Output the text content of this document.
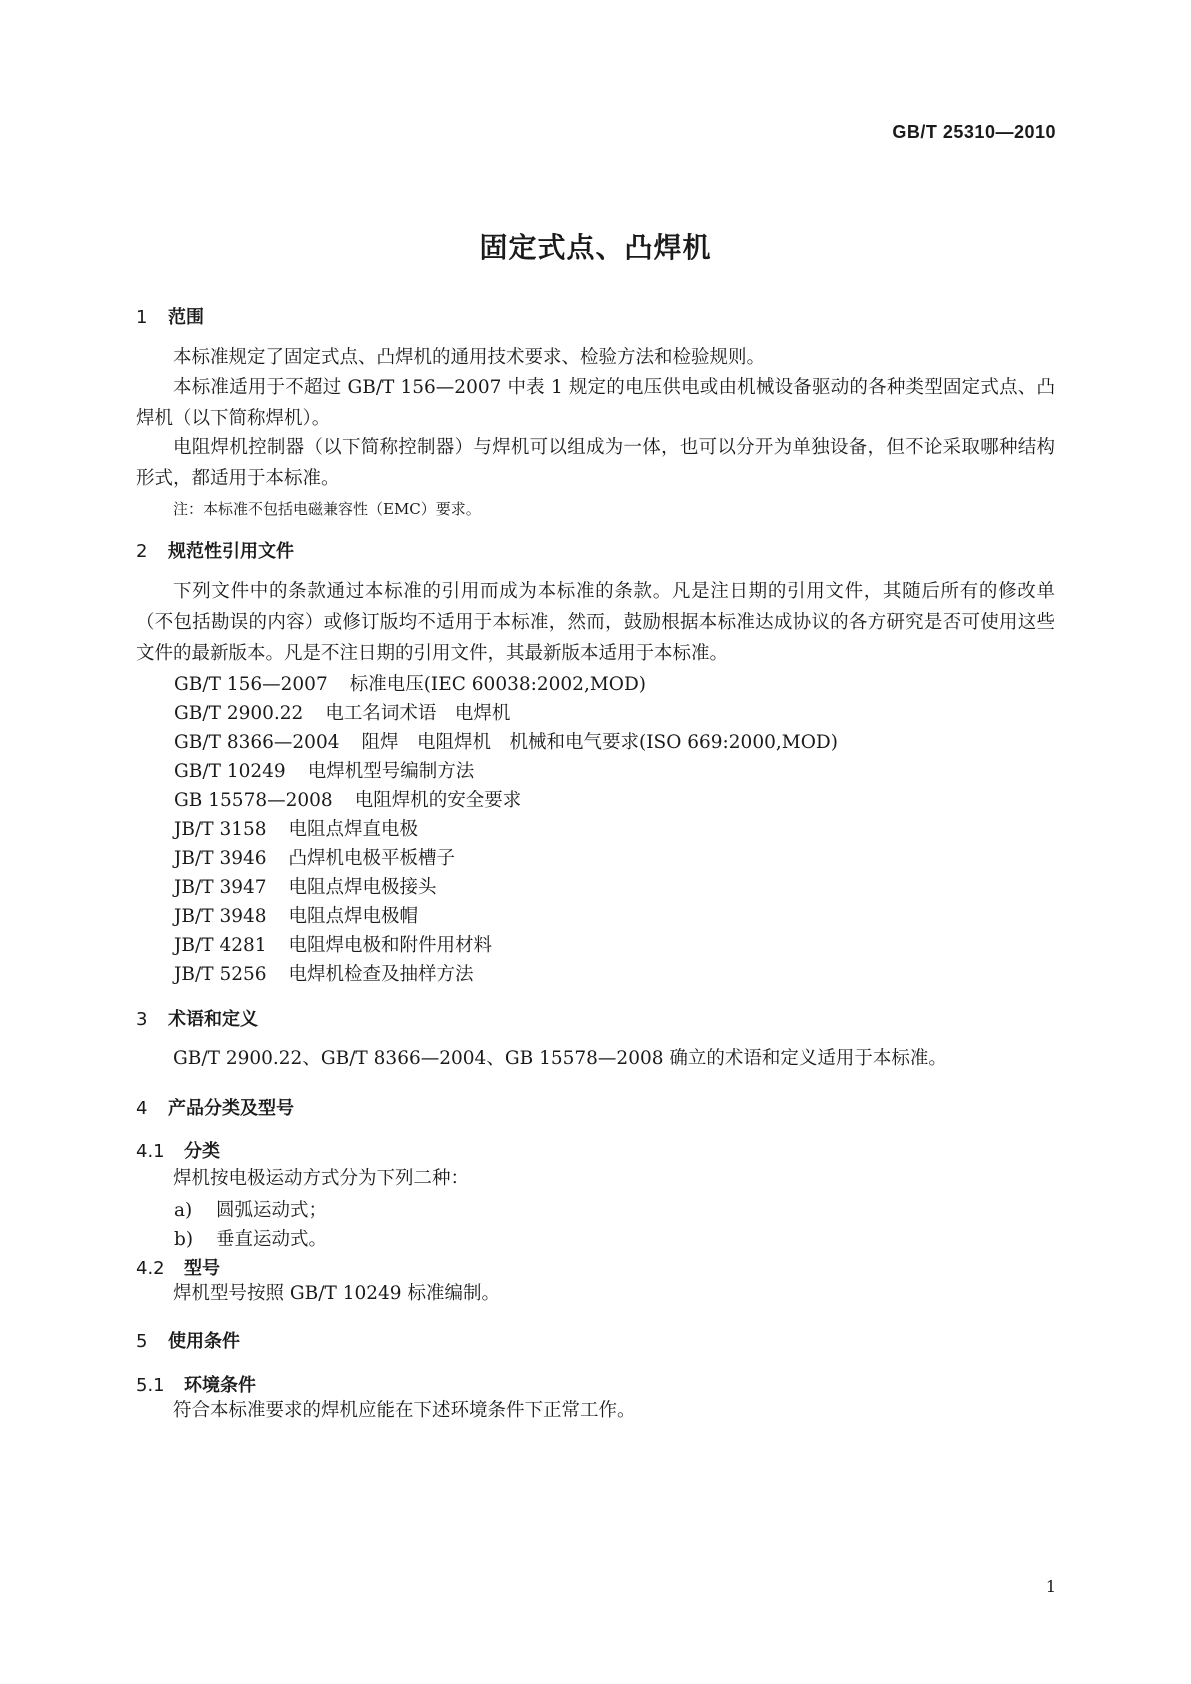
GB/T 25310—2010
固定式点、凸焊机
1 范围
本标准规定了固定式点、凸焊机的通用技术要求、检验方法和检验规则。
本标准适用于不超过 GB/T 156—2007 中表 1 规定的电压供电或由机械设备驱动的各种类型固定式点、凸焊机（以下简称焊机）。
电阻焊机控制器（以下简称控制器）与焊机可以组成为一体，也可以分开为单独设备，但不论采取哪种结构形式，都适用于本标准。
注：本标准不包括电磁兼容性（EMC）要求。
2 规范性引用文件
下列文件中的条款通过本标准的引用而成为本标准的条款。凡是注日期的引用文件，其随后所有的修改单（不包括勘误的内容）或修订版均不适用于本标准，然而，鼓励根据本标准达成协议的各方研究是否可使用这些文件的最新版本。凡是不注日期的引用文件，其最新版本适用于本标准。
GB/T 156—2007 标准电压(IEC 60038:2002,MOD)
GB/T 2900.22 电工名词术语　电焊机
GB/T 8366—2004 阻焊　电阻焊机　机械和电气要求(ISO 669:2000,MOD)
GB/T 10249 电焊机型号编制方法
GB 15578—2008 电阻焊机的安全要求
JB/T 3158 电阻点焊直电极
JB/T 3946 凸焊机电极平板槽子
JB/T 3947 电阻点焊电极接头
JB/T 3948 电阻点焊电极帽
JB/T 4281 电阻焊电极和附件用材料
JB/T 5256 电焊机检查及抽样方法
3 术语和定义
GB/T 2900.22、GB/T 8366—2004、GB 15578—2008 确立的术语和定义适用于本标准。
4 产品分类及型号
4.1 分类
焊机按电极运动方式分为下列二种：
a) 圆弧运动式；
b) 垂直运动式。
4.2 型号
焊机型号按照 GB/T 10249 标准编制。
5 使用条件
5.1 环境条件
符合本标准要求的焊机应能在下述环境条件下正常工作。
1
